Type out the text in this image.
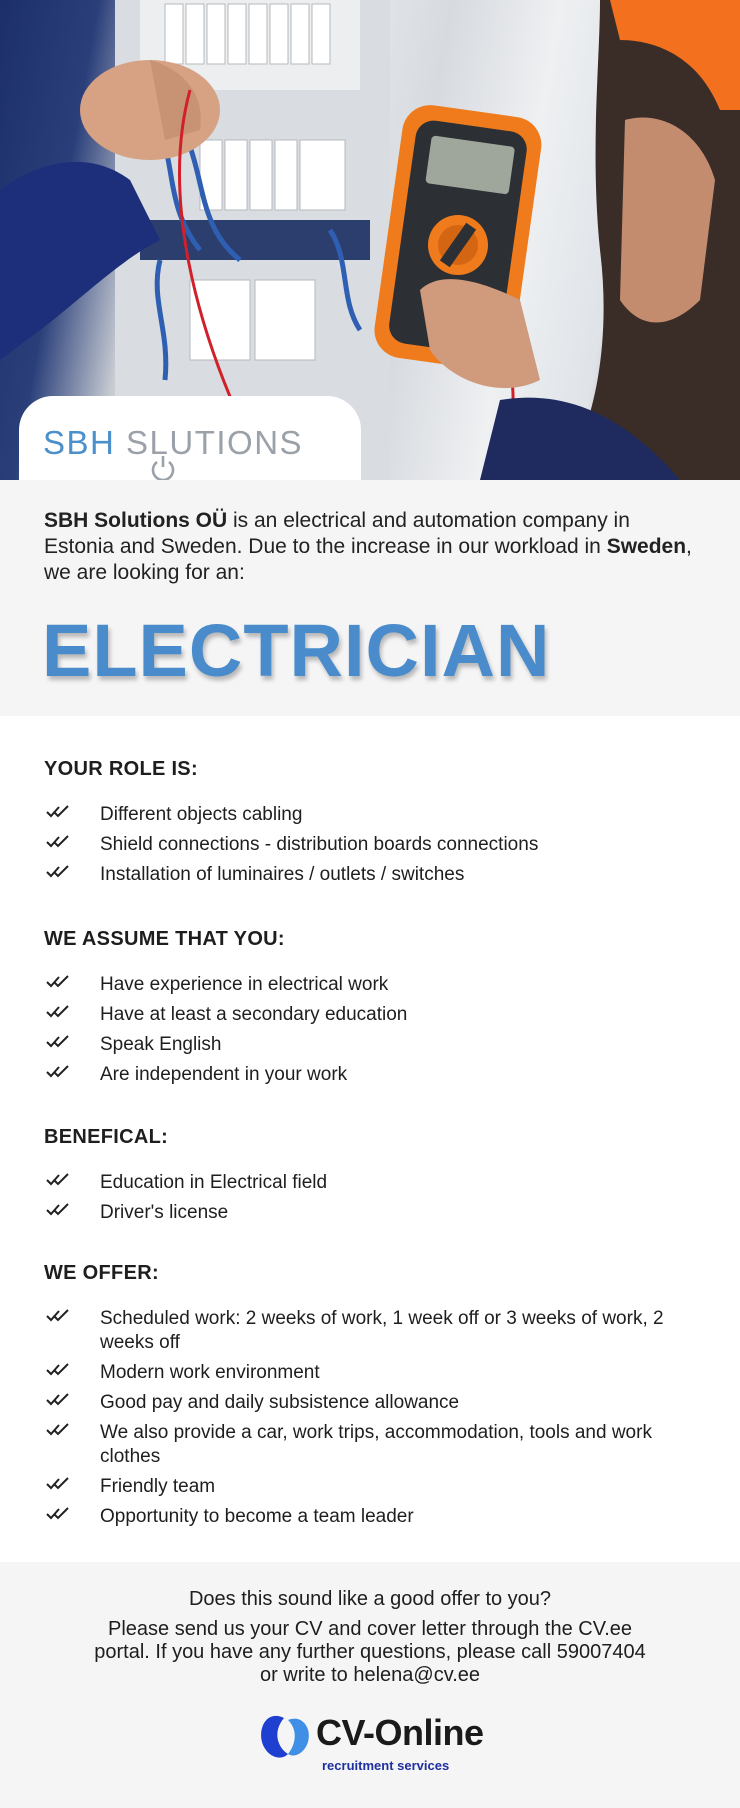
SBH S
LUTIONS

SBH Solutions OÜ is an electrical and automation company in Estonia and Sweden. Due to the increase in our workload in Sweden, we are looking for an:

ELECTRICIAN
YOUR ROLE IS:
Different objects cabling
Shield connections - distribution boards connections
Installation of luminaires / outlets / switches
WE ASSUME THAT YOU:
Have experience in electrical work
Have at least a secondary education
Speak English
Are independent in your work
BENEFICAL:
Education in Electrical field
Driver's license
WE OFFER:
Scheduled work: 2 weeks of work, 1 week off or 3 weeks of work, 2 weeks off
Modern work environment
Good pay and daily subsistence allowance
We also provide a car, work trips, accommodation, tools and work clothes
Friendly team
Opportunity to become a team leader

Does this sound like a good offer to you?

Please send us your CV and cover letter through the CV.ee portal. If you have any further questions, please call 59007404 or write to helena@cv.ee

CV-Online
recruitment services
